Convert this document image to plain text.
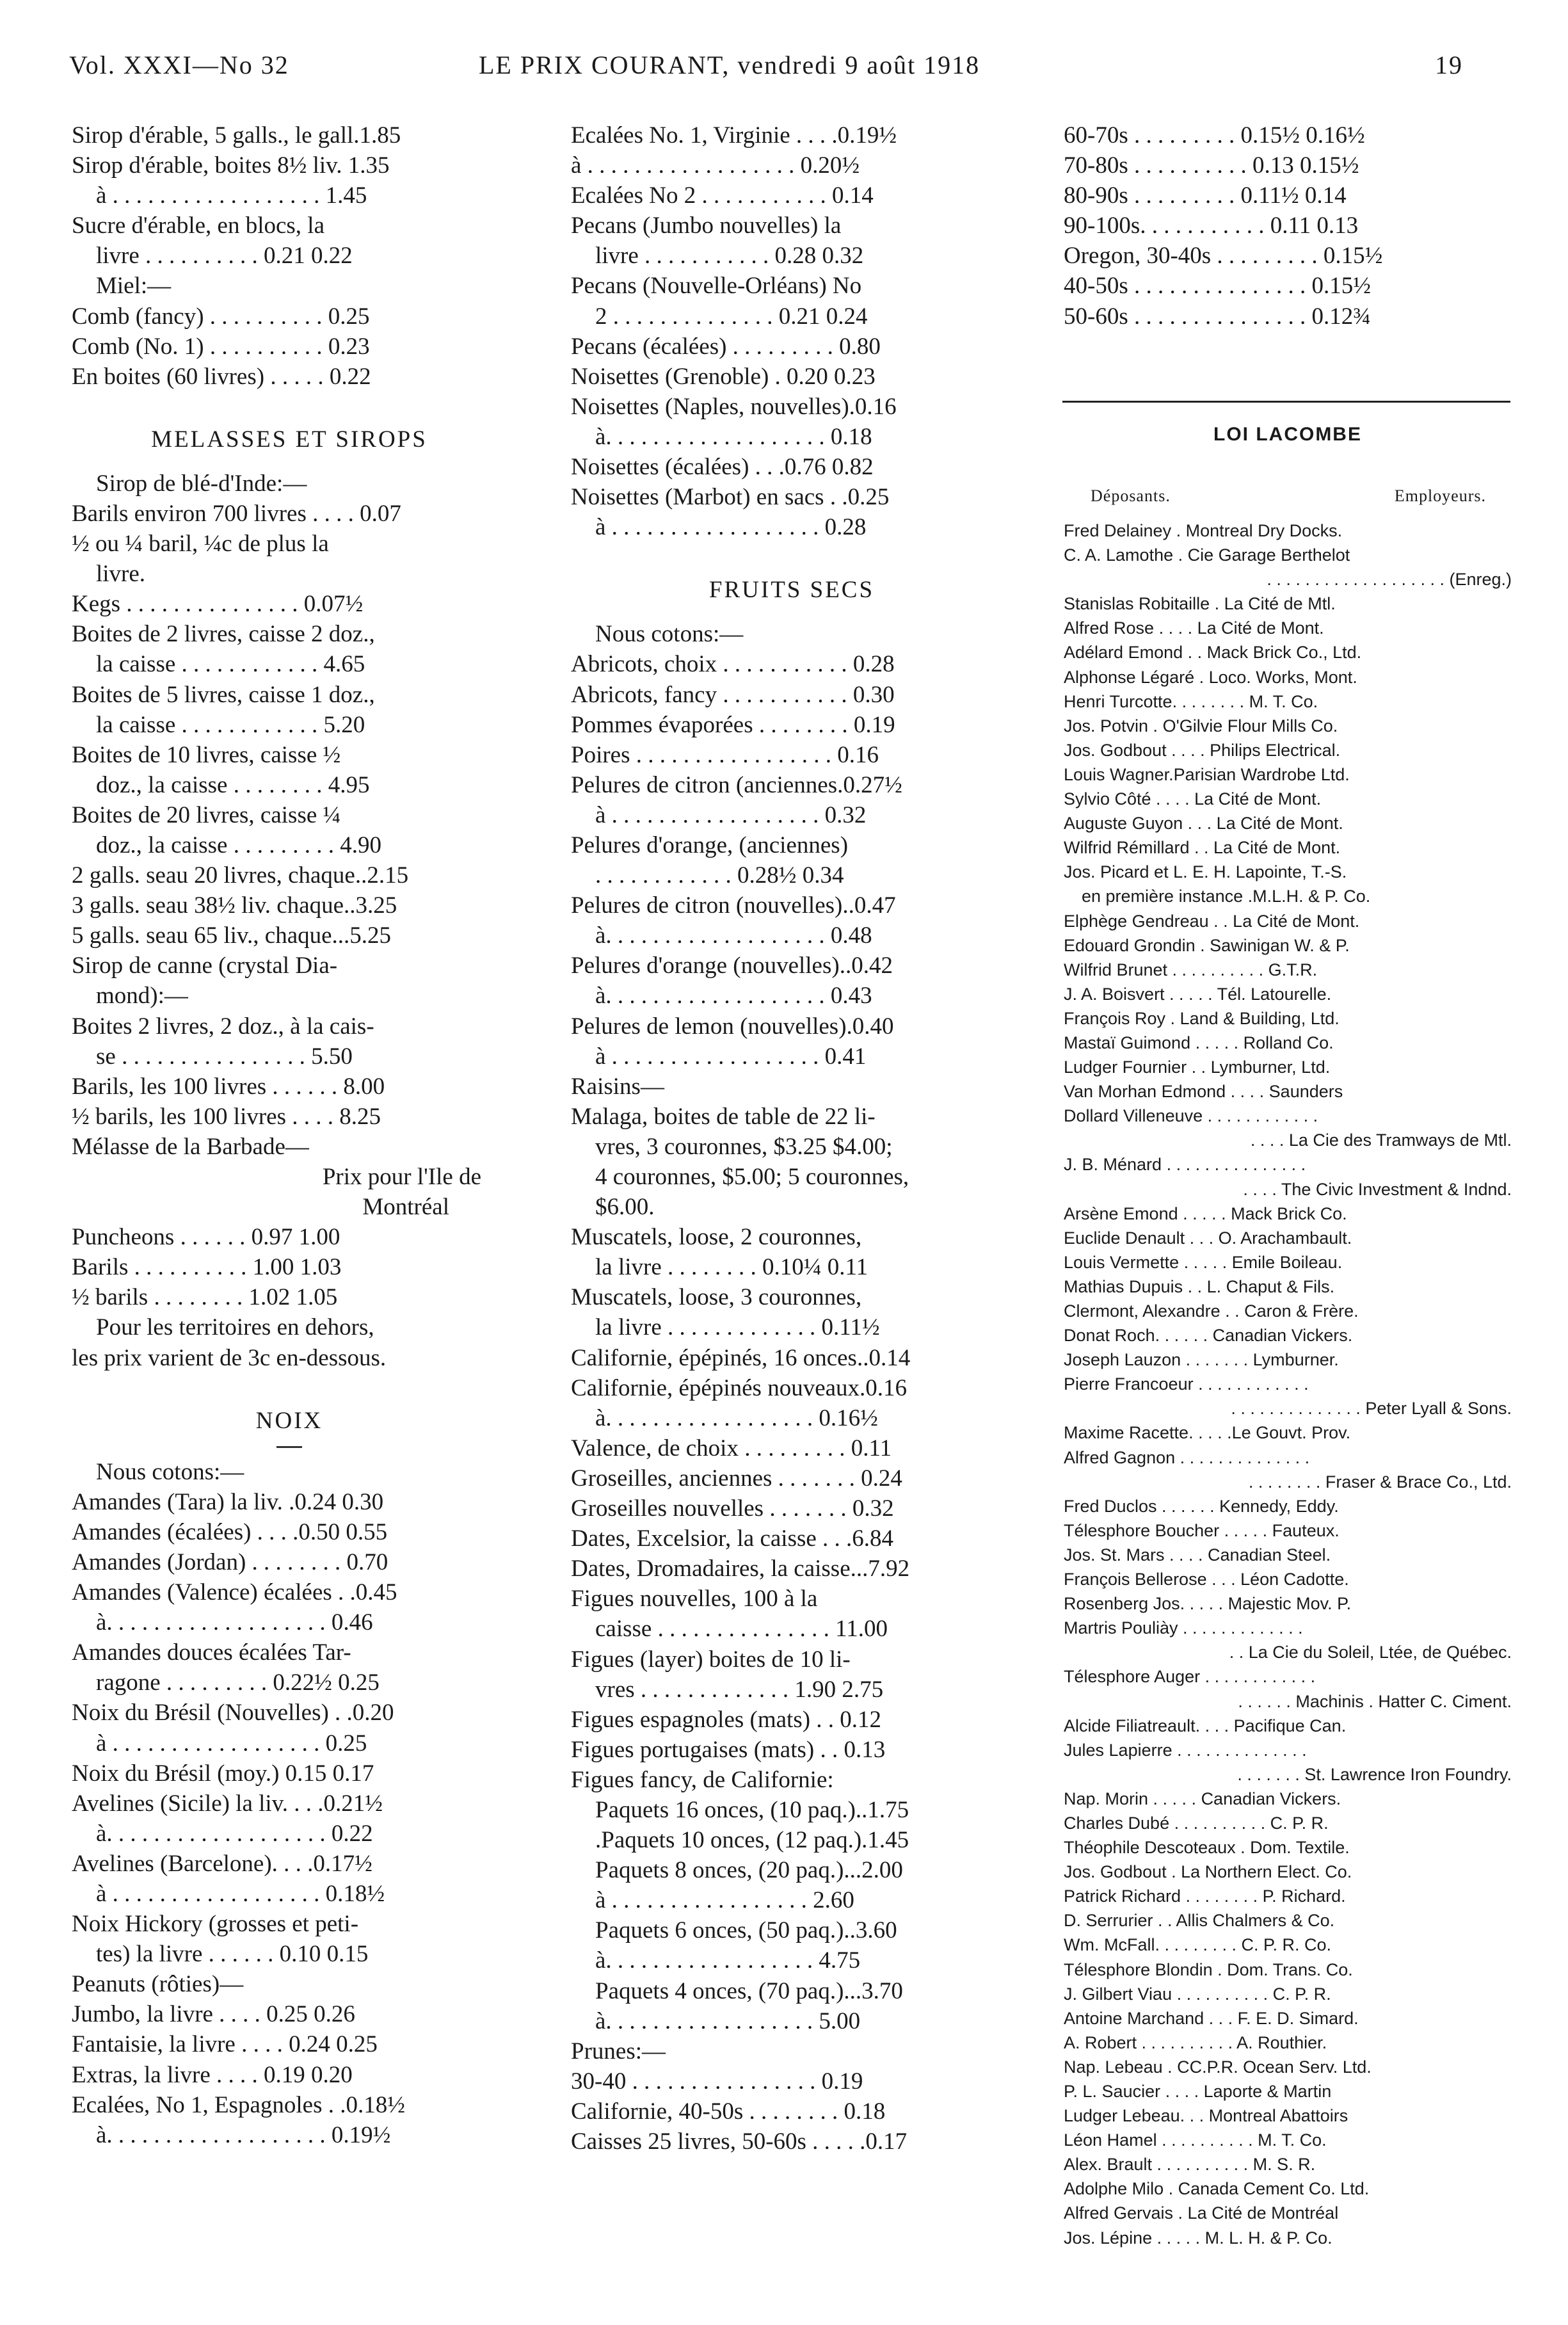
Vol. XXXI—No 32	LE PRIX COURANT, vendredi 9 août 1918	19
Sirop d'érable, 5 galls., le gall.1.85
Sirop d'érable, boites 8½ liv. 1.35
à . . . . . . . . . . . . . . . . . . 1.45
Sucre d'érable, en blocs, la
livre . . . . . . . . . . 0.21 0.22
Miel:—
Comb (fancy) . . . . . . . . . . 0.25
Comb (No. 1) . . . . . . . . . . 0.23
En boites (60 livres) . . . . . 0.22
MELASSES ET SIROPS
Sirop de blé-d'Inde:—
Barils environ 700 livres . . . . 0.07
½ ou ¼ baril, ¼c de plus la
livre.
Kegs . . . . . . . . . . . . . . . 0.07½
Boites de 2 livres, caisse 2 doz.,
la caisse . . . . . . . . . . . . 4.65
Boites de 5 livres, caisse 1 doz.,
la caisse . . . . . . . . . . . . 5.20
Boites de 10 livres, caisse ½
doz., la caisse . . . . . . . . 4.95
Boites de 20 livres, caisse ¼
doz., la caisse . . . . . . . . . 4.90
2 galls. seau 20 livres, chaque..2.15
3 galls. seau 38½ liv. chaque..3.25
5 galls. seau 65 liv., chaque...5.25
Sirop de canne (crystal Dia-
mond):—
Boites 2 livres, 2 doz., à la cais-
se . . . . . . . . . . . . . . . . 5.50
Barils, les 100 livres . . . . . . 8.00
½ barils, les 100 livres . . . . 8.25
Mélasse de la Barbade—
Prix pour l'Ile de
Montréal
Puncheons . . . . . . 0.97 1.00
Barils . . . . . . . . . . 1.00 1.03
½ barils . . . . . . . . 1.02 1.05
Pour les territoires en dehors,
les prix varient de 3c en-dessous.
NOIX
Nous cotons:—
Amandes (Tara) la liv. .0.24 0.30
Amandes (écalées) . . . .0.50 0.55
Amandes (Jordan) . . . . . . . . 0.70
Amandes (Valence) écalées . .0.45
à. . . . . . . . . . . . . . . . . . . 0.46
Amandes douces écalées Tar-
ragone . . . . . . . . . 0.22½ 0.25
Noix du Brésil (Nouvelles) . .0.20
à . . . . . . . . . . . . . . . . . . 0.25
Noix du Brésil (moy.) 0.15 0.17
Avelines (Sicile) la liv. . . .0.21½
à. . . . . . . . . . . . . . . . . . . 0.22
Avelines (Barcelone). . . .0.17½
à . . . . . . . . . . . . . . . . . . 0.18½
Noix Hickory (grosses et peti-
tes) la livre . . . . . . 0.10 0.15
Peanuts (rôties)—
Jumbo, la livre . . . . 0.25 0.26
Fantaisie, la livre . . . . 0.24 0.25
Extras, la livre . . . . 0.19 0.20
Ecalées, No 1, Espagnoles . .0.18½
à. . . . . . . . . . . . . . . . . . . 0.19½
Ecalées No. 1, Virginie . . . .0.19½
à . . . . . . . . . . . . . . . . . . 0.20½
Ecalées No 2 . . . . . . . . . . . 0.14
Pecans (Jumbo nouvelles) la
livre . . . . . . . . . . . 0.28 0.32
Pecans (Nouvelle-Orléans) No
2 . . . . . . . . . . . . . . 0.21 0.24
Pecans (écalées) . . . . . . . . . 0.80
Noisettes (Grenoble) . 0.20 0.23
Noisettes (Naples, nouvelles).0.16
à. . . . . . . . . . . . . . . . . . . 0.18
Noisettes (écalées) . . .0.76 0.82
Noisettes (Marbot) en sacs . .0.25
à . . . . . . . . . . . . . . . . . . 0.28
FRUITS SECS
Nous cotons:—
Abricots, choix . . . . . . . . . . . 0.28
Abricots, fancy . . . . . . . . . . . 0.30
Pommes évaporées . . . . . . . . 0.19
Poires . . . . . . . . . . . . . . . . . 0.16
Pelures de citron (anciennes.0.27½
à . . . . . . . . . . . . . . . . . . 0.32
Pelures d'orange, (anciennes)
. . . . . . . . . . . . 0.28½ 0.34
Pelures de citron (nouvelles)..0.47
à. . . . . . . . . . . . . . . . . . . 0.48
Pelures d'orange (nouvelles)..0.42
à. . . . . . . . . . . . . . . . . . . 0.43
Pelures de lemon (nouvelles).0.40
à . . . . . . . . . . . . . . . . . . 0.41
Raisins—
Malaga, boites de table de 22 li-
vres, 3 couronnes, $3.25 $4.00;
4 couronnes, $5.00; 5 couronnes,
$6.00.
Muscatels, loose, 2 couronnes,
la livre . . . . . . . . 0.10¼ 0.11
Muscatels, loose, 3 couronnes,
la livre . . . . . . . . . . . . . 0.11½
Californie, épépinés, 16 onces..0.14
Californie, épépinés nouveaux.0.16
à. . . . . . . . . . . . . . . . . . 0.16½
Valence, de choix . . . . . . . . . 0.11
Groseilles, anciennes . . . . . . . 0.24
Groseilles nouvelles . . . . . . . 0.32
Dates, Excelsior, la caisse . . .6.84
Dates, Dromadaires, la caisse...7.92
Figues nouvelles, 100 à la
caisse . . . . . . . . . . . . . . . 11.00
Figues (layer) boites de 10 li-
vres . . . . . . . . . . . . . 1.90 2.75
Figues espagnoles (mats) . . 0.12
Figues portugaises (mats) . . 0.13
Figues fancy, de Californie:
Paquets 16 onces, (10 paq.)..1.75
.Paquets 10 onces, (12 paq.).1.45
Paquets 8 onces, (20 paq.)...2.00
à . . . . . . . . . . . . . . . . . 2.60
Paquets 6 onces, (50 paq.)..3.60
à. . . . . . . . . . . . . . . . . . 4.75
Paquets 4 onces, (70 paq.)...3.70
à. . . . . . . . . . . . . . . . . . 5.00
Prunes:—
30-40 . . . . . . . . . . . . . . . . 0.19
Californie, 40-50s . . . . . . . . 0.18
Caisses 25 livres, 50-60s . . . . .0.17
60-70s . . . . . . . . . 0.15½ 0.16½
70-80s . . . . . . . . . . 0.13 0.15½
80-90s . . . . . . . . . 0.11½ 0.14
90-100s. . . . . . . . . . . 0.11 0.13
Oregon, 30-40s . . . . . . . . . 0.15½
40-50s . . . . . . . . . . . . . . . 0.15½
50-60s . . . . . . . . . . . . . . . 0.12¾
LOI LACOMBE
Déposants.	Employeurs.
Fred Delainey . Montreal Dry Docks.
C. A. Lamothe . Cie Garage Berthelot
. . . . . . . . . . . . . . . . . . . (Enreg.)
Stanislas Robitaille . La Cité de Mtl.
Alfred Rose . . . . La Cité de Mont.
Adélard Emond . . Mack Brick Co., Ltd.
Alphonse Légaré . Loco. Works, Mont.
Henri Turcotte. . . . . . . . M. T. Co.
Jos. Potvin . O'Gilvie Flour Mills Co.
Jos. Godbout . . . . Philips Electrical.
Louis Wagner.Parisian Wardrobe Ltd.
Sylvio Côté . . . . La Cité de Mont.
Auguste Guyon . . . La Cité de Mont.
Wilfrid Rémillard . . La Cité de Mont.
Jos. Picard et L. E. H. Lapointe, T.-S.
en première instance .M.L.H. & P. Co.
Elphège Gendreau . . La Cité de Mont.
Edouard Grondin . Sawinigan W. & P.
Wilfrid Brunet . . . . . . . . . . G.T.R.
J. A. Boisvert . . . . . Tél. Latourelle.
François Roy . Land & Building, Ltd.
Mastaï Guimond . . . . . Rolland Co.
Ludger Fournier . . Lymburner, Ltd.
Van Morhan Edmond . . . . Saunders
Dollard Villeneuve . . . . . . . . . . . .
. . . . La Cie des Tramways de Mtl.
J. B. Ménard . . . . . . . . . . . . . . .
. . . . The Civic Investment & Indnd.
Arsène Emond . . . . . Mack Brick Co.
Euclide Denault . . . O. Arachambault.
Louis Vermette . . . . . Emile Boileau.
Mathias Dupuis . . L. Chaput & Fils.
Clermont, Alexandre . . Caron & Frère.
Donat Roch. . . . . . Canadian Vickers.
Joseph Lauzon . . . . . . . Lymburner.
Pierre Francoeur . . . . . . . . . . . .
. . . . . . . . . . . . . . Peter Lyall & Sons.
Maxime Racette. . . . .Le Gouvt. Prov.
Alfred Gagnon . . . . . . . . . . . . . .
. . . . . . . . Fraser & Brace Co., Ltd.
Fred Duclos . . . . . . Kennedy, Eddy.
Télesphore Boucher . . . . . Fauteux.
Jos. St. Mars . . . . Canadian Steel.
François Bellerose . . . Léon Cadotte.
Rosenberg Jos. . . . . Majestic Mov. P.
Martris Pouliày . . . . . . . . . . . . .
. . La Cie du Soleil, Ltée, de Québec.
Télesphore Auger . . . . . . . . . . . .
. . . . . . Machinis . Hatter C. Ciment.
Alcide Filiatreault. . . . Pacifique Can.
Jules Lapierre . . . . . . . . . . . . . .
. . . . . . . St. Lawrence Iron Foundry.
Nap. Morin . . . . . Canadian Vickers.
Charles Dubé . . . . . . . . . . C. P. R.
Théophile Descoteaux . Dom. Textile.
Jos. Godbout . La Northern Elect. Co.
Patrick Richard . . . . . . . . P. Richard.
D. Serrurier . . Allis Chalmers & Co.
Wm. McFall. . . . . . . . . C. P. R. Co.
Télesphore Blondin . Dom. Trans. Co.
J. Gilbert Viau . . . . . . . . . . C. P. R.
Antoine Marchand . . . F. E. D. Simard.
A. Robert . . . . . . . . . . A. Routhier.
Nap. Lebeau . CC.P.R. Ocean Serv. Ltd.
P. L. Saucier . . . . Laporte & Martin
Ludger Lebeau. . . Montreal Abattoirs
Léon Hamel . . . . . . . . . . M. T. Co.
Alex. Brault . . . . . . . . . . M. S. R.
Adolphe Milo . Canada Cement Co. Ltd.
Alfred Gervais . La Cité de Montréal
Jos. Lépine . . . . . M. L. H. & P. Co.
